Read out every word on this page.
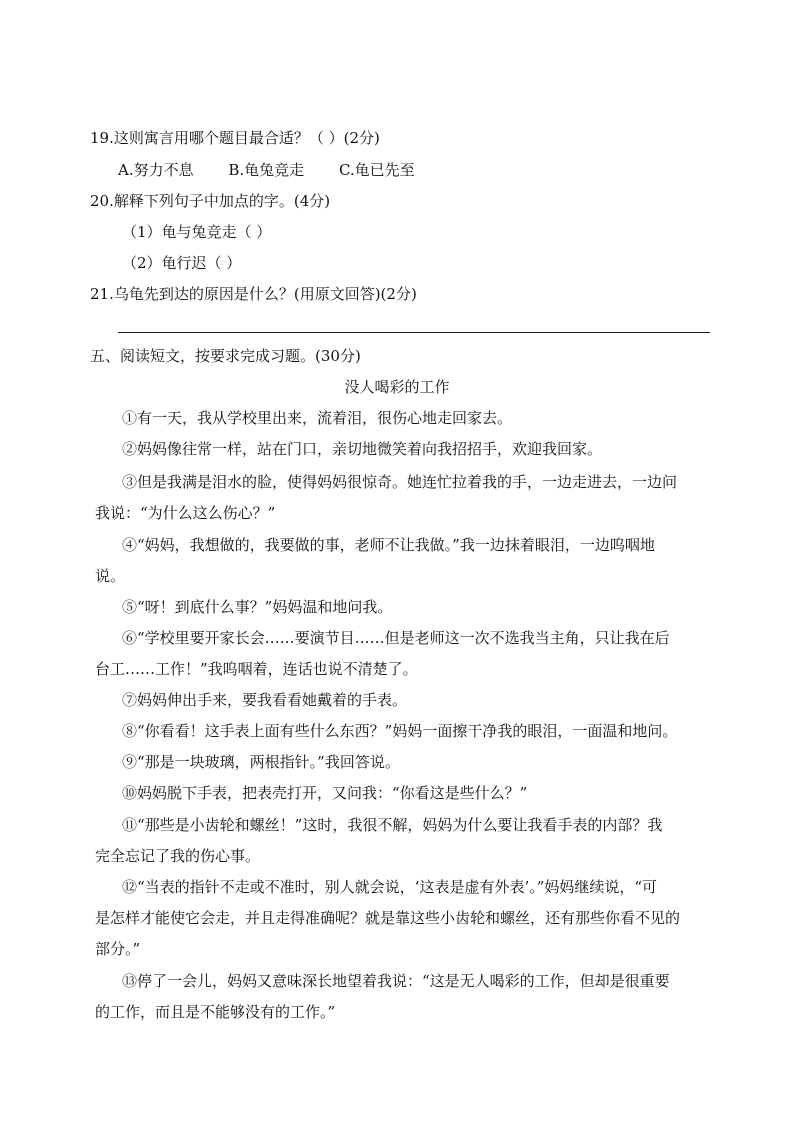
19.这则寓言用哪个题目最合适？（ ）(2分)
A.努力不息 B.龟兔竞走 C.龟已先至
20.解释下列句子中加点的字。(4分)
（1）龟与兔竞走（ ）
（2）龟行迟（ ）
21.乌龟先到达的原因是什么？(用原文回答)(2分)
五、阅读短文，按要求完成习题。(30分)
没人喝彩的工作
①有一天，我从学校里出来，流着泪，很伤心地走回家去。
②妈妈像往常一样，站在门口，亲切地微笑着向我招招手，欢迎我回家。
③但是我满是泪水的脸，使得妈妈很惊奇。她连忙拉着我的手，一边走进去，一边问
我说：“为什么这么伤心？”
④“妈妈，我想做的，我要做的事，老师不让我做。”我一边抹着眼泪，一边呜咽地
说。
⑤“呀！到底什么事？”妈妈温和地问我。
⑥“学校里要开家长会……要演节目……但是老师这一次不选我当主角，只让我在后
台工……工作！”我呜咽着，连话也说不清楚了。
⑦妈妈伸出手来，要我看看她戴着的手表。
⑧“你看看！这手表上面有些什么东西？”妈妈一面擦干净我的眼泪，一面温和地问。
⑨“那是一块玻璃，两根指针。”我回答说。
⑩妈妈脱下手表，把表壳打开，又问我：“你看这是些什么？”
⑪“那些是小齿轮和螺丝！”这时，我很不解，妈妈为什么要让我看手表的内部？我
完全忘记了我的伤心事。
⑫“当表的指针不走或不准时，别人就会说，‘这表是虚有外表’。”妈妈继续说，“可
是怎样才能使它会走，并且走得准确呢？就是靠这些小齿轮和螺丝，还有那些你看不见的
部分。”
⑬停了一会儿，妈妈又意味深长地望着我说：“这是无人喝彩的工作，但却是很重要
的工作，而且是不能够没有的工作。”
